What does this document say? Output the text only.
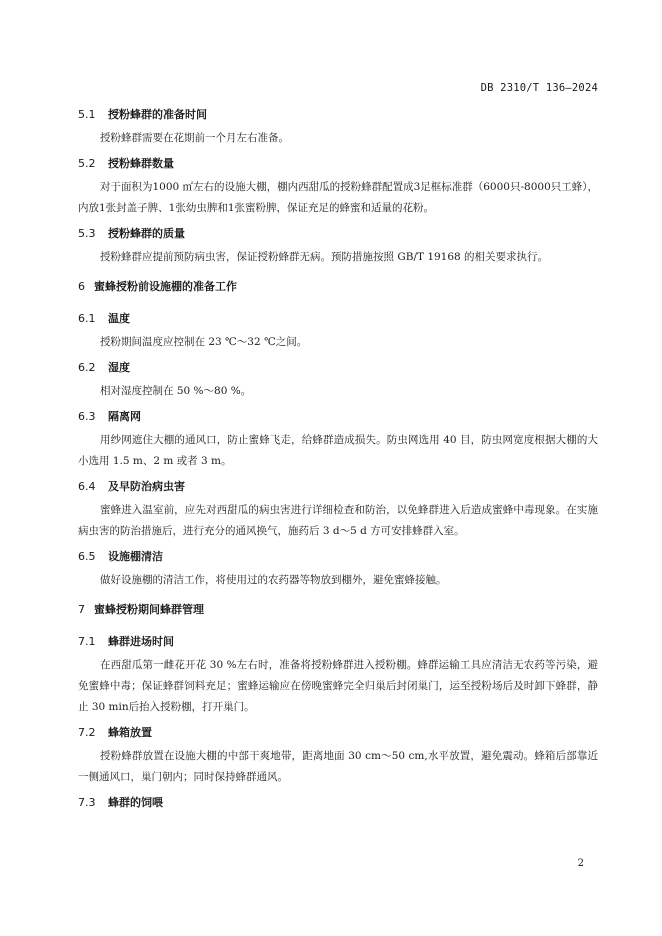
DB 2310/T 136—2024
5.1 授粉蜂群的准备时间

授粉蜂群需要在花期前一个月左右准备。

5.2 授粉蜂群数量

对于面积为1000 ㎡左右的设施大棚，棚内西甜瓜的授粉蜂群配置成3足框标准群（6000只-8000只工蜂），内放1张封盖子脾、1张幼虫脾和1张蜜粉脾，保证充足的蜂蜜和适量的花粉。

5.3 授粉蜂群的质量

授粉蜂群应提前预防病虫害，保证授粉蜂群无病。预防措施按照 GB/T 19168 的相关要求执行。

6 蜜蜂授粉前设施棚的准备工作
6.1 温度

授粉期间温度应控制在 23 ℃～32 ℃之间。

6.2 湿度

相对湿度控制在 50 %～80 %。

6.3 隔离网

用纱网遮住大棚的通风口，防止蜜蜂飞走，给蜂群造成损失。防虫网选用 40 目，防虫网宽度根据大棚的大小选用 1.5 m、2 m 或者 3 m。

6.4 及早防治病虫害

蜜蜂进入温室前，应先对西甜瓜的病虫害进行详细检查和防治，以免蜂群进入后造成蜜蜂中毒现象。在实施病虫害的防治措施后，进行充分的通风换气，施药后 3 d～5 d 方可安排蜂群入室。

6.5 设施棚清洁

做好设施棚的清洁工作，将使用过的农药器等物放到棚外，避免蜜蜂接触。

7 蜜蜂授粉期间蜂群管理
7.1 蜂群进场时间

在西甜瓜第一雌花开花 30 %左右时，准备将授粉蜂群进入授粉棚。蜂群运输工具应清洁无农药等污染，避免蜜蜂中毒；保证蜂群饲料充足；蜜蜂运输应在傍晚蜜蜂完全归巢后封闭巢门，运至授粉场后及时卸下蜂群，静止 30 min后抬入授粉棚，打开巢门。

7.2 蜂箱放置

授粉蜂群放置在设施大棚的中部干爽地带，距离地面 30 cm～50 cm,水平放置，避免震动。蜂箱后部靠近一侧通风口，巢门朝内；同时保持蜂群通风。

7.3 蜂群的饲喂
2
